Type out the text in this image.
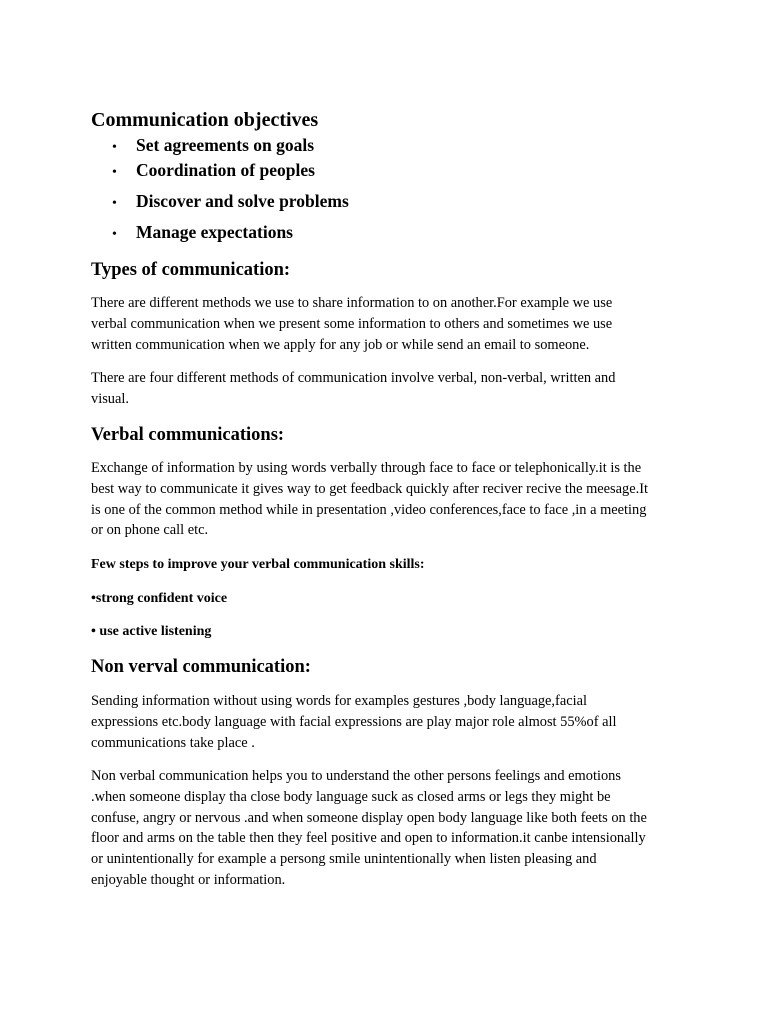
Communication objectives

• Set agreements on goals

• Coordination of peoples

• Discover and solve problems

• Manage expectations

Types of communication:

There are different methods we use to share information to on another.For example we use
verbal communication when we present some information to others and sometimes we use
written communication when we apply for any job or while send an email to someone.

There are four different methods of communication involve verbal, non-verbal, written and
visual.

Verbal communications:

Exchange of information by using words verbally through face to face or telephonically.it is the
best way to communicate it gives way to get feedback quickly after reciver recive the meesage.It
is one of the common method while in presentation ,video conferences,face to face ,in a meeting
or on phone call etc.

Few steps to improve your verbal communication skills:

•strong confident voice

• use active listening

Non verval communication:

Sending information without using words for examples gestures ,body language,facial
expressions etc.body language with facial expressions are play major role almost 55%of all
communications take place .

Non verbal communication helps you to understand the other persons feelings and emotions
.when someone display tha close body language suck as closed arms or legs they might be
confuse, angry or nervous .and when someone display open body language like both feets on the
floor and arms on the table then they feel positive and open to information.it canbe intensionally
or unintentionally for example a persong smile unintentionally when listen pleasing and
enjoyable thought or information.
